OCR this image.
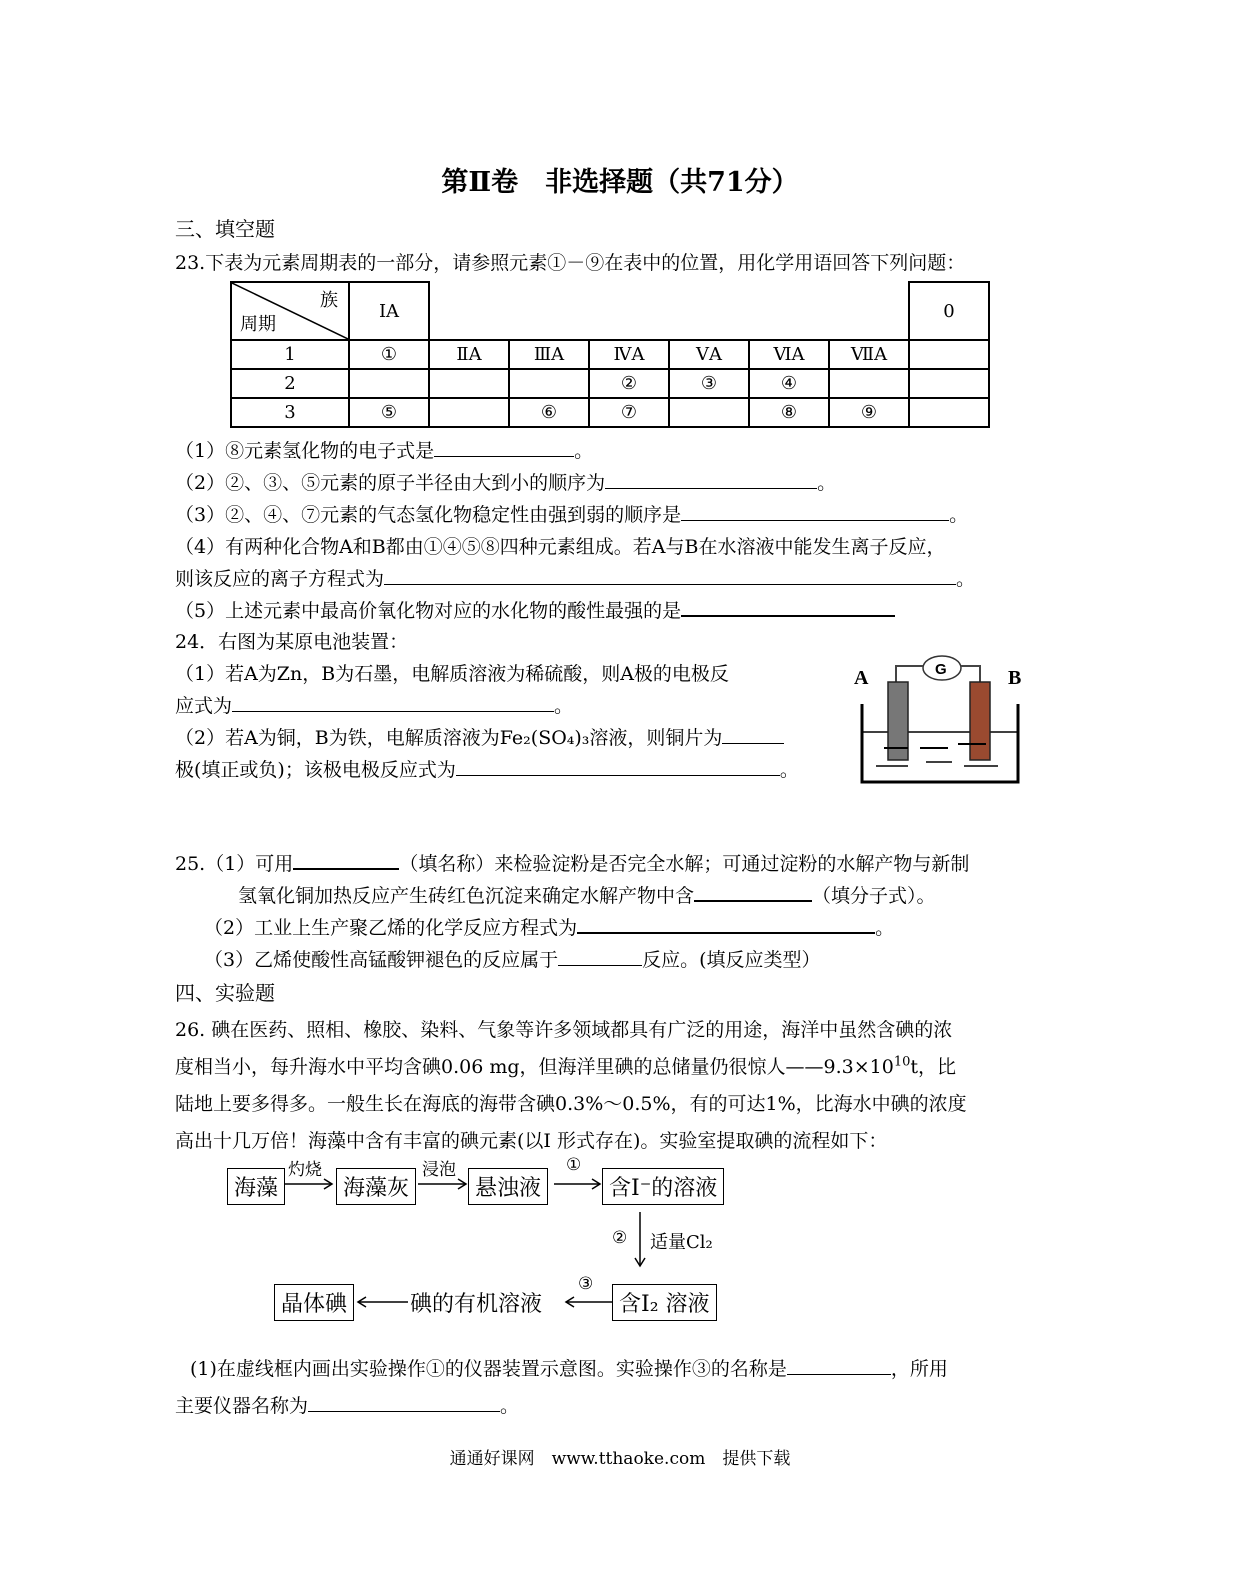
第Ⅱ卷　非选择题（共71分）
三、填空题
23.下表为元素周期表的一部分，请参照元素①－⑨在表中的位置，用化学用语回答下列问题：
族
周期	ⅠA							0
1	①	ⅡA	ⅢA	ⅣA	ⅤA	ⅥA	ⅦA	
2				②	③	④		
3	⑤		⑥	⑦		⑧	⑨	
（1）⑧元素氢化物的电子式是	。
（2）②、③、⑤元素的原子半径由大到小的顺序为	。
（3）②、④、⑦元素的气态氢化物稳定性由强到弱的顺序是	。
（4）有两种化合物A和B都由①④⑤⑧四种元素组成。若A与B在水溶液中能发生离子反应，
则该反应的离子方程式为	。
（5）上述元素中最高价氧化物对应的水化物的酸性最强的是
24．右图为某原电池装置：
（1）若A为Zn，B为石墨，电解质溶液为稀硫酸，则A极的电极反
应式为	。
（2）若A为铜，B为铁，电解质溶液为Fe₂(SO₄)₃溶液，则铜片为
极(填正或负)；该极电极反应式为	。
A	B
G
25.（1）可用	（填名称）来检验淀粉是否完全水解；可通过淀粉的水解产物与新制
氢氧化铜加热反应产生砖红色沉淀来确定水解产物中含	（填分子式）。
（2）工业上生产聚乙烯的化学反应方程式为	。
（3）乙烯使酸性高锰酸钾褪色的反应属于	反应。(填反应类型）
四、实验题
26. 碘在医药、照相、橡胶、染料、气象等许多领域都具有广泛的用途，海洋中虽然含碘的浓
度相当小，每升海水中平均含碘0.06 mg，但海洋里碘的总储量仍很惊人$——9.3\times 10^{10}t$，比
陆地上要多得多。一般生长在海底的海带含碘0.3%～0.5%，有的可达1%，比海水中碘的浓度
高出十几万倍！海藻中含有丰富的碘元素(以I 形式存在)。实验室提取碘的流程如下：
海藻
灼烧
海藻灰
浸泡
悬浊液
①
含I⁻的溶液
② 适量Cl₂
含I₂ 溶液
③
碘的有机溶液
晶体碘
(1)在虚线框内画出实验操作①的仪器装置示意图。实验操作③的名称是	，所用
主要仪器名称为	。
通通好课网　www.tthaoke.com　提供下载
